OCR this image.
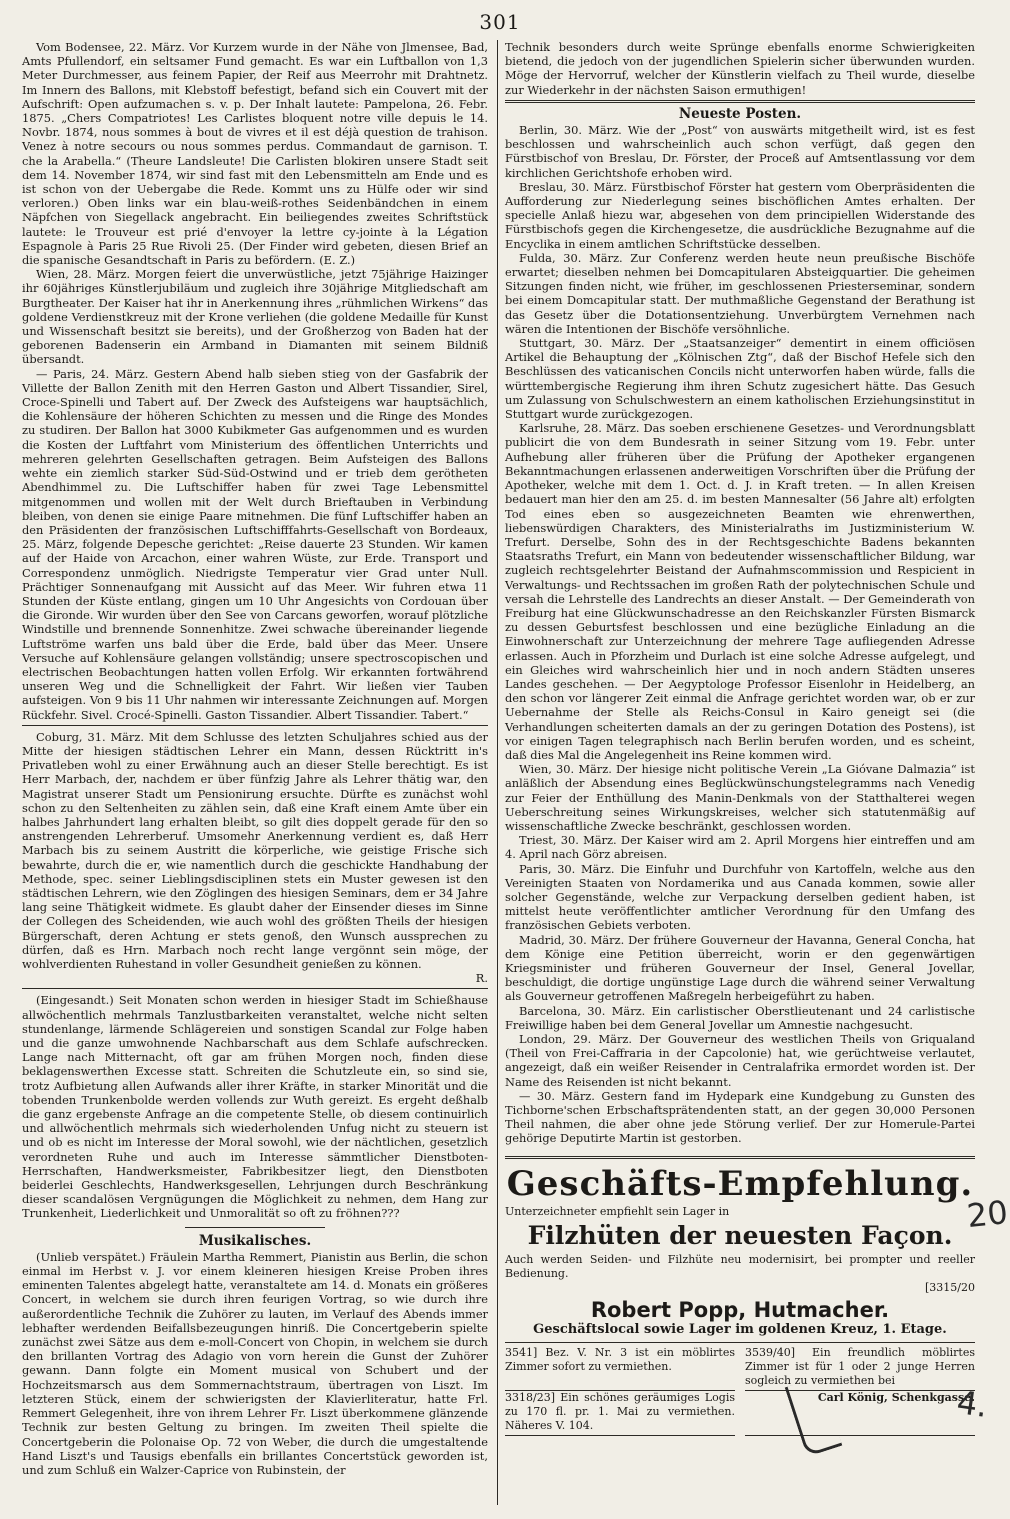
301

Vom Bodensee, 22. März. Vor Kurzem wurde in der Nähe von Jlmensee, Bad, Amts Pfullendorf, ein seltsamer Fund gemacht. Es war ein Luftballon von 1,3 Meter Durchmesser, aus feinem Papier, der Reif aus Meerrohr mit Drahtnetz. Im Innern des Ballons, mit Klebstoff befestigt, befand sich ein Couvert mit der Aufschrift: Open aufzumachen s. v. p. Der Inhalt lautete: Pampelona, 26. Febr. 1875. „Chers Compatriotes! Les Carlistes bloquent notre ville depuis le 14. Novbr. 1874, nous sommes à bout de vivres et il est déjà question de trahison. Venez à notre secours ou nous sommes perdus. Commandaut de garnison. T. che la Arabella.“ (Theure Landsleute! Die Carlisten blokiren unsere Stadt seit dem 14. November 1874, wir sind fast mit den Lebensmitteln am Ende und es ist schon von der Uebergabe die Rede. Kommt uns zu Hülfe oder wir sind verloren.) Oben links war ein blau-weiß-rothes Seidenbändchen in einem Näpfchen von Siegellack angebracht. Ein beiliegendes zweites Schriftstück lautete: le Trouveur est prié d'envoyer la lettre cy-jointe à la Légation Espagnole à Paris 25 Rue Rivoli 25. (Der Finder wird gebeten, diesen Brief an die spanische Gesandtschaft in Paris zu befördern. (E. Z.)

Wien, 28. März. Morgen feiert die unverwüstliche, jetzt 75jährige Haizinger ihr 60jähriges Künstlerjubiläum und zugleich ihre 30jährige Mitgliedschaft am Burgtheater. Der Kaiser hat ihr in Anerkennung ihres „rühmlichen Wirkens“ das goldene Verdienstkreuz mit der Krone verliehen (die goldene Medaille für Kunst und Wissenschaft besitzt sie bereits), und der Großherzog von Baden hat der geborenen Badenserin ein Armband in Diamanten mit seinem Bildniß übersandt.

— Paris, 24. März. Gestern Abend halb sieben stieg von der Gasfabrik der Villette der Ballon Zenith mit den Herren Gaston und Albert Tissandier, Sirel, Croce-Spinelli und Tabert auf. Der Zweck des Aufsteigens war hauptsächlich, die Kohlensäure der höheren Schichten zu messen und die Ringe des Mondes zu studiren. Der Ballon hat 3000 Kubikmeter Gas aufgenommen und es wurden die Kosten der Luftfahrt vom Ministerium des öffentlichen Unterrichts und mehreren gelehrten Gesellschaften getragen. Beim Aufsteigen des Ballons wehte ein ziemlich starker Süd-Süd-Ostwind und er trieb dem gerötheten Abendhimmel zu. Die Luftschiffer haben für zwei Tage Lebensmittel mitgenommen und wollen mit der Welt durch Brieftauben in Verbindung bleiben, von denen sie einige Paare mitnehmen. Die fünf Luftschiffer haben an den Präsidenten der französischen Luftschifffahrts-Gesellschaft von Bordeaux, 25. März, folgende Depesche gerichtet: „Reise dauerte 23 Stunden. Wir kamen auf der Haide von Arcachon, einer wahren Wüste, zur Erde. Transport und Correspondenz unmöglich. Niedrigste Temperatur vier Grad unter Null. Prächtiger Sonnenaufgang mit Aussicht auf das Meer. Wir fuhren etwa 11 Stunden der Küste entlang, gingen um 10 Uhr Angesichts von Cordouan über die Gironde. Wir wurden über den See von Carcans geworfen, worauf plötzliche Windstille und brennende Sonnenhitze. Zwei schwache übereinander liegende Luftströme warfen uns bald über die Erde, bald über das Meer. Unsere Versuche auf Kohlensäure gelangen vollständig; unsere spectroscopischen und electrischen Beobachtungen hatten vollen Erfolg. Wir erkannten fortwährend unseren Weg und die Schnelligkeit der Fahrt. Wir ließen vier Tauben aufsteigen. Von 9 bis 11 Uhr nahmen wir interessante Zeichnungen auf. Morgen Rückfehr. Sivel. Crocé-Spinelli. Gaston Tissandier. Albert Tissandier. Tabert.“

Coburg, 31. März. Mit dem Schlusse des letzten Schuljahres schied aus der Mitte der hiesigen städtischen Lehrer ein Mann, dessen Rücktritt in's Privatleben wohl zu einer Erwähnung auch an dieser Stelle berechtigt. Es ist Herr Marbach, der, nachdem er über fünfzig Jahre als Lehrer thätig war, den Magistrat unserer Stadt um Pensionirung ersuchte. Dürfte es zunächst wohl schon zu den Seltenheiten zu zählen sein, daß eine Kraft einem Amte über ein halbes Jahrhundert lang erhalten bleibt, so gilt dies doppelt gerade für den so anstrengenden Lehrerberuf. Umsomehr Anerkennung verdient es, daß Herr Marbach bis zu seinem Austritt die körperliche, wie geistige Frische sich bewahrte, durch die er, wie namentlich durch die geschickte Handhabung der Methode, spec. seiner Lieblingsdisciplinen stets ein Muster gewesen ist den städtischen Lehrern, wie den Zöglingen des hiesigen Seminars, dem er 34 Jahre lang seine Thätigkeit widmete. Es glaubt daher der Einsender dieses im Sinne der Collegen des Scheidenden, wie auch wohl des größten Theils der hiesigen Bürgerschaft, deren Achtung er stets genoß, den Wunsch aussprechen zu dürfen, daß es Hrn. Marbach noch recht lange vergönnt sein möge, der wohlverdienten Ruhestand in voller Gesundheit genießen zu können.

R.

(Eingesandt.) Seit Monaten schon werden in hiesiger Stadt im Schießhause allwöchentlich mehrmals Tanzlustbarkeiten veranstaltet, welche nicht selten stundenlange, lärmende Schlägereien und sonstigen Scandal zur Folge haben und die ganze umwohnende Nachbarschaft aus dem Schlafe aufschrecken. Lange nach Mitternacht, oft gar am frühen Morgen noch, finden diese beklagenswerthen Excesse statt. Schreiten die Schutzleute ein, so sind sie, trotz Aufbietung allen Aufwands aller ihrer Kräfte, in starker Minorität und die tobenden Trunkenbolde werden vollends zur Wuth gereizt. Es ergeht deßhalb die ganz ergebenste Anfrage an die competente Stelle, ob diesem continuirlich und allwöchentlich mehrmals sich wiederholenden Unfug nicht zu steuern ist und ob es nicht im Interesse der Moral sowohl, wie der nächtlichen, gesetzlich verordneten Ruhe und auch im Interesse sämmtlicher Dienstboten-Herrschaften, Handwerksmeister, Fabrikbesitzer liegt, den Dienstboten beiderlei Geschlechts, Handwerksgesellen, Lehrjungen durch Beschränkung dieser scandalösen Vergnügungen die Möglichkeit zu nehmen, dem Hang zur Trunkenheit, Liederlichkeit und Unmoralität so oft zu fröhnen???

Musikalisches.

(Unlieb verspätet.) Fräulein Martha Remmert, Pianistin aus Berlin, die schon einmal im Herbst v. J. vor einem kleineren hiesigen Kreise Proben ihres eminenten Talentes abgelegt hatte, veranstaltete am 14. d. Monats ein größeres Concert, in welchem sie durch ihren feurigen Vortrag, so wie durch ihre außerordentliche Technik die Zuhörer zu lauten, im Verlauf des Abends immer lebhafter werdenden Beifallsbezeugungen hinriß. Die Concertgeberin spielte zunächst zwei Sätze aus dem e-moll-Concert von Chopin, in welchem sie durch den brillanten Vortrag des Adagio von vorn herein die Gunst der Zuhörer gewann. Dann folgte ein Moment musical von Schubert und der Hochzeitsmarsch aus dem Sommernachtstraum, übertragen von Liszt. Im letzteren Stück, einem der schwierigsten der Klavierliteratur, hatte Frl. Remmert Gelegenheit, ihre von ihrem Lehrer Fr. Liszt überkommene glänzende Technik zur besten Geltung zu bringen. Im zweiten Theil spielte die Concertgeberin die Polonaise Op. 72 von Weber, die durch die umgestaltende Hand Liszt's und Tausigs ebenfalls ein brillantes Concertstück geworden ist, und zum Schluß ein Walzer-Caprice von Rubinstein, der

Technik besonders durch weite Sprünge ebenfalls enorme Schwierigkeiten bietend, die jedoch von der jugendlichen Spielerin sicher überwunden wurden. Möge der Hervorruf, welcher der Künstlerin vielfach zu Theil wurde, dieselbe zur Wiederkehr in der nächsten Saison ermuthigen!

Neueste Posten.

Berlin, 30. März. Wie der „Post“ von auswärts mitgetheilt wird, ist es fest beschlossen und wahrscheinlich auch schon verfügt, daß gegen den Fürstbischof von Breslau, Dr. Förster, der Proceß auf Amtsentlassung vor dem kirchlichen Gerichtshofe erhoben wird.

Breslau, 30. März. Fürstbischof Förster hat gestern vom Oberpräsidenten die Aufforderung zur Niederlegung seines bischöflichen Amtes erhalten. Der specielle Anlaß hiezu war, abgesehen von dem principiellen Widerstande des Fürstbischofs gegen die Kirchengesetze, die ausdrückliche Bezugnahme auf die Encyclika in einem amtlichen Schriftstücke desselben.

Fulda, 30. März. Zur Conferenz werden heute neun preußische Bischöfe erwartet; dieselben nehmen bei Domcapitularen Absteigquartier. Die geheimen Sitzungen finden nicht, wie früher, im geschlossenen Priesterseminar, sondern bei einem Domcapitular statt. Der muthmaßliche Gegenstand der Berathung ist das Gesetz über die Dotationsentziehung. Unverbürgtem Vernehmen nach wären die Intentionen der Bischöfe versöhnliche.

Stuttgart, 30. März. Der „Staatsanzeiger“ dementirt in einem officiösen Artikel die Behauptung der „Kölnischen Ztg“, daß der Bischof Hefele sich den Beschlüssen des vaticanischen Concils nicht unterworfen haben würde, falls die württembergische Regierung ihm ihren Schutz zugesichert hätte. Das Gesuch um Zulassung von Schulschwestern an einem katholischen Erziehungsinstitut in Stuttgart wurde zurückgezogen.

Karlsruhe, 28. März. Das soeben erschienene Gesetzes- und Verordnungsblatt publicirt die von dem Bundesrath in seiner Sitzung vom 19. Febr. unter Aufhebung aller früheren über die Prüfung der Apotheker ergangenen Bekanntmachungen erlassenen anderweitigen Vorschriften über die Prüfung der Apotheker, welche mit dem 1. Oct. d. J. in Kraft treten. — In allen Kreisen bedauert man hier den am 25. d. im besten Mannesalter (56 Jahre alt) erfolgten Tod eines eben so ausgezeichneten Beamten wie ehrenwerthen, liebenswürdigen Charakters, des Ministerialraths im Justizministerium W. Trefurt. Derselbe, Sohn des in der Rechtsgeschichte Badens bekannten Staatsraths Trefurt, ein Mann von bedeutender wissenschaftlicher Bildung, war zugleich rechtsgelehrter Beistand der Aufnahmscommission und Respicient in Verwaltungs- und Rechtssachen im großen Rath der polytechnischen Schule und versah die Lehrstelle des Landrechts an dieser Anstalt. — Der Gemeinderath von Freiburg hat eine Glückwunschadresse an den Reichskanzler Fürsten Bismarck zu dessen Geburtsfest beschlossen und eine bezügliche Einladung an die Einwohnerschaft zur Unterzeichnung der mehrere Tage aufliegenden Adresse erlassen. Auch in Pforzheim und Durlach ist eine solche Adresse aufgelegt, und ein Gleiches wird wahrscheinlich hier und in noch andern Städten unseres Landes geschehen. — Der Aegyptologe Professor Eisenlohr in Heidelberg, an den schon vor längerer Zeit einmal die Anfrage gerichtet worden war, ob er zur Uebernahme der Stelle als Reichs-Consul in Kairo geneigt sei (die Verhandlungen scheiterten damals an der zu geringen Dotation des Postens), ist vor einigen Tagen telegraphisch nach Berlin berufen worden, und es scheint, daß dies Mal die Angelegenheit ins Reine kommen wird.

Wien, 30. März. Der hiesige nicht politische Verein „La Gióvane Dalmazia“ ist anläßlich der Absendung eines Beglückwünschungstelegramms nach Venedig zur Feier der Enthüllung des Manin-Denkmals von der Statthalterei wegen Ueberschreitung seines Wirkungskreises, welcher sich statutenmäßig auf wissenschaftliche Zwecke beschränkt, geschlossen worden.

Triest, 30. März. Der Kaiser wird am 2. April Morgens hier eintreffen und am 4. April nach Görz abreisen.

Paris, 30. März. Die Einfuhr und Durchfuhr von Kartoffeln, welche aus den Vereinigten Staaten von Nordamerika und aus Canada kommen, sowie aller solcher Gegenstände, welche zur Verpackung derselben gedient haben, ist mittelst heute veröffentlichter amtlicher Verordnung für den Umfang des französischen Gebiets verboten.

Madrid, 30. März. Der frühere Gouverneur der Havanna, General Concha, hat dem Könige eine Petition überreicht, worin er den gegenwärtigen Kriegsminister und früheren Gouverneur der Insel, General Jovellar, beschuldigt, die dortige ungünstige Lage durch die während seiner Verwaltung als Gouverneur getroffenen Maßregeln herbeigeführt zu haben.

Barcelona, 30. März. Ein carlistischer Oberstlieutenant und 24 carlistische Freiwillige haben bei dem General Jovellar um Amnestie nachgesucht.

London, 29. März. Der Gouverneur des westlichen Theils von Griqualand (Theil von Frei-Caffraria in der Capcolonie) hat, wie gerüchtweise verlautet, angezeigt, daß ein weißer Reisender in Centralafrika ermordet worden ist. Der Name des Reisenden ist nicht bekannt.

— 30. März. Gestern fand im Hydepark eine Kundgebung zu Gunsten des Tichborne'schen Erbschaftsprätendenten statt, an der gegen 30,000 Personen Theil nahmen, die aber ohne jede Störung verlief. Der zur Homerule-Partei gehörige Deputirte Martin ist gestorben.

Geschäfts-Empfehlung.
Unterzeichneter empfiehlt sein Lager in
Filzhüten der neuesten Façon.
Auch werden Seiden- und Filzhüte neu modernisirt, bei prompter und reeller Bedienung.
[3315/20
Robert Popp, Hutmacher.
Geschäftslocal sowie Lager im goldenen Kreuz, 1. Etage.
3541] Bez. V. Nr. 3 ist ein möblirtes Zimmer sofort zu vermiethen.
3539/40] Ein freundlich möblirtes Zimmer ist für 1 oder 2 junge Herren sogleich zu vermiethen bei
3318/23] Ein schönes geräumiges Logis zu 170 fl. pr. 1. Mai zu vermiethen. Näheres V. 104.
Carl König, Schenkgasse.
20
4.
